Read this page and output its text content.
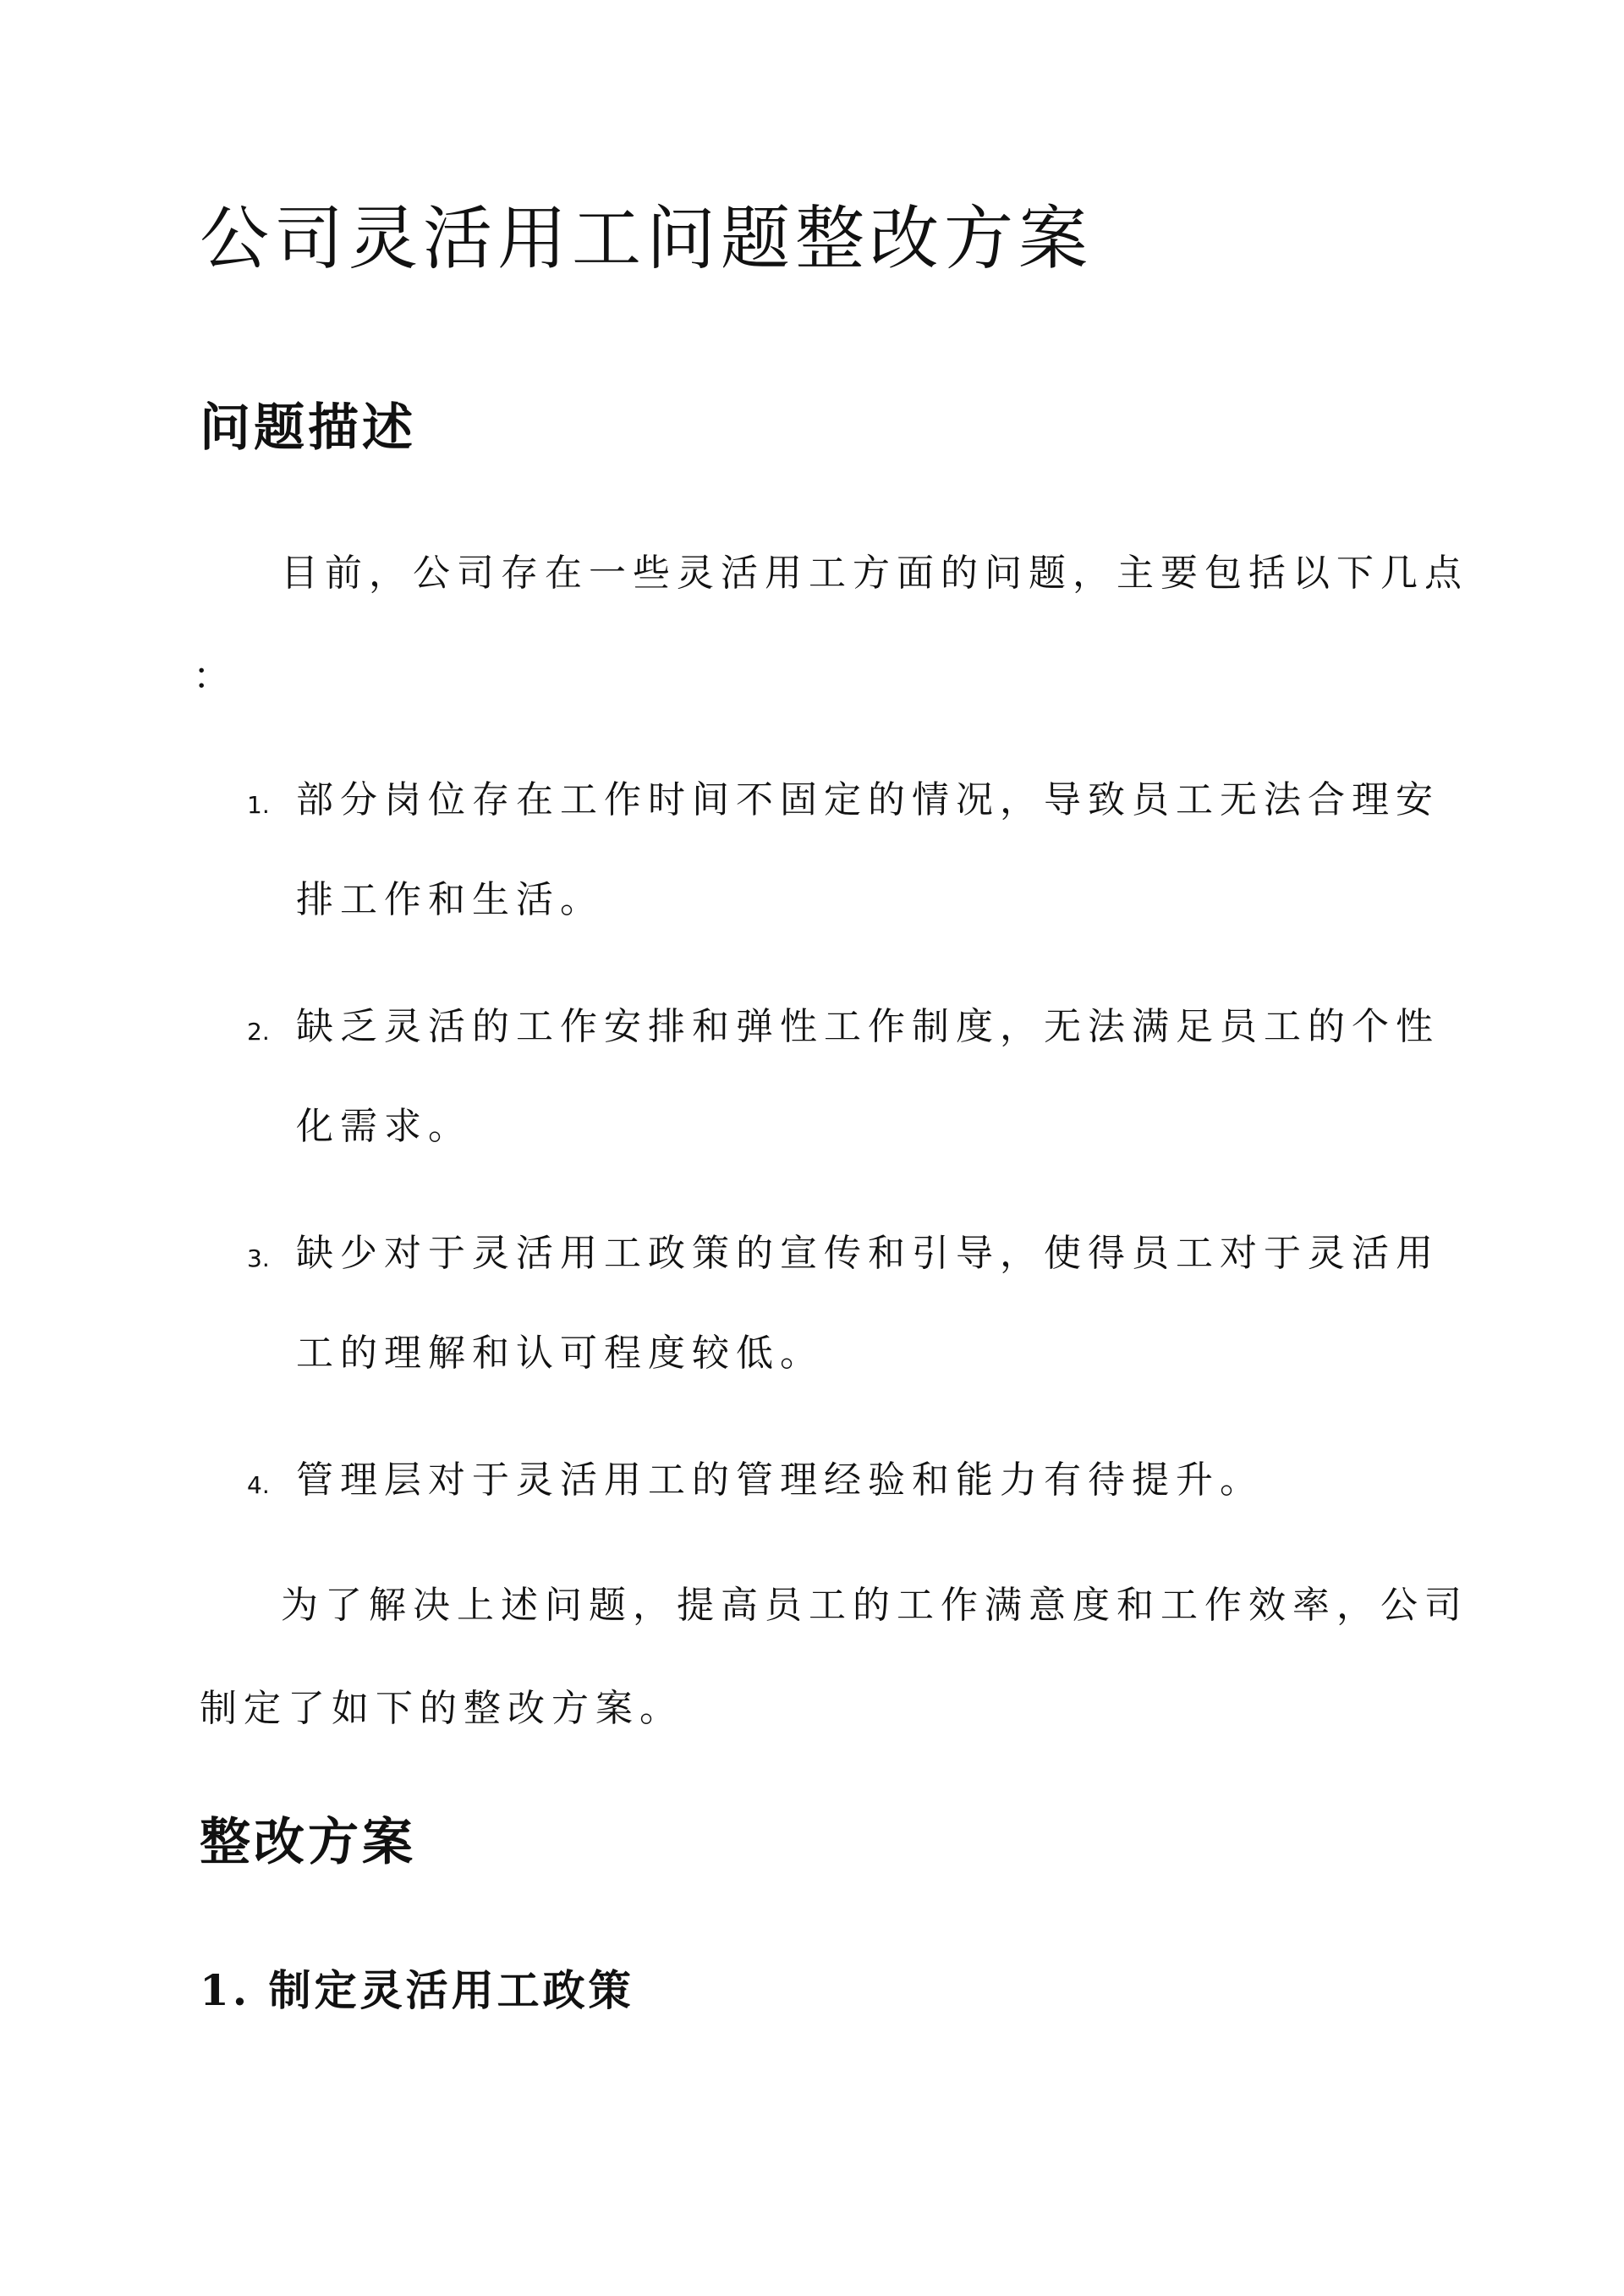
公司灵活用工问题整改方案
问题描述

目前，公司存在一些灵活用工方面的问题，主要包括以下几点

：

1. 部分岗位存在工作时间不固定的情况，导致员工无法合理安

排工作和生活。

2. 缺乏灵活的工作安排和弹性工作制度，无法满足员工的个性

化需求。

3. 缺少对于灵活用工政策的宣传和引导，使得员工对于灵活用

工的理解和认可程度较低。

4. 管理层对于灵活用工的管理经验和能力有待提升。

为了解决上述问题，提高员工的工作满意度和工作效率，公司

制定了如下的整改方案。

整改方案
1. 制定灵活用工政策
